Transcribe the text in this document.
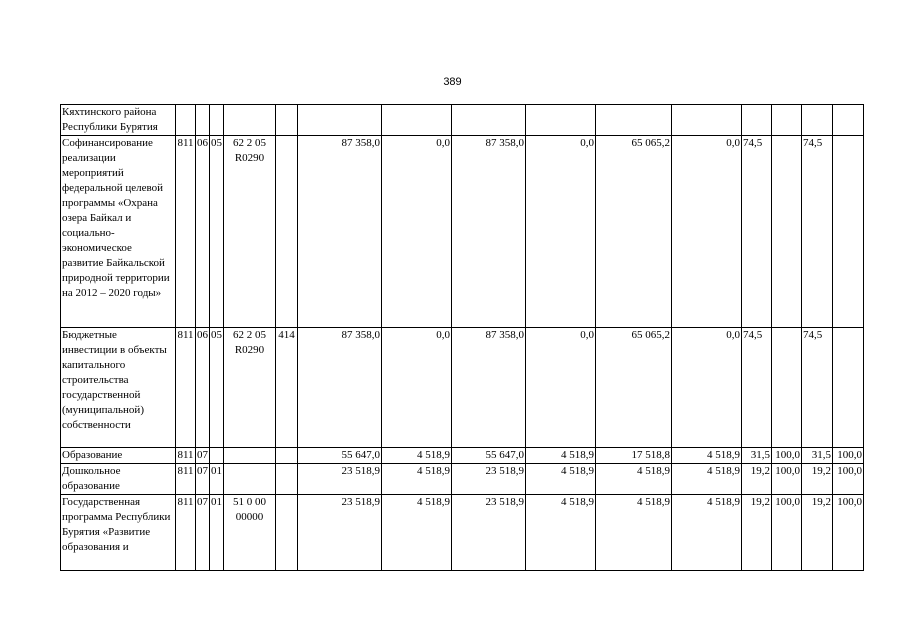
389
Кяхтинского района Республики Бурятия															
Софинансирование реализации мероприятий федеральной целевой программы «Охрана озера Байкал и социально-экономическое развитие Байкальской природной территории на 2012 – 2020 годы»	811	06	05	62 2 05 R0290		87 358,0	0,0	87 358,0	0,0	65 065,2	0,0	74,5		74,5	
Бюджетные инвестиции в объекты капитального строительства государственной (муниципальной) собственности	811	06	05	62 2 05 R0290	414	87 358,0	0,0	87 358,0	0,0	65 065,2	0,0	74,5		74,5	
Образование	811	07				55 647,0	4 518,9	55 647,0	4 518,9	17 518,8	4 518,9	31,5	100,0	31,5	100,0
Дошкольное образование	811	07	01			23 518,9	4 518,9	23 518,9	4 518,9	4 518,9	4 518,9	19,2	100,0	19,2	100,0
Государственная программа Республики Бурятия «Развитие образования и	811	07	01	51 0 00 00000		23 518,9	4 518,9	23 518,9	4 518,9	4 518,9	4 518,9	19,2	100,0	19,2	100,0
